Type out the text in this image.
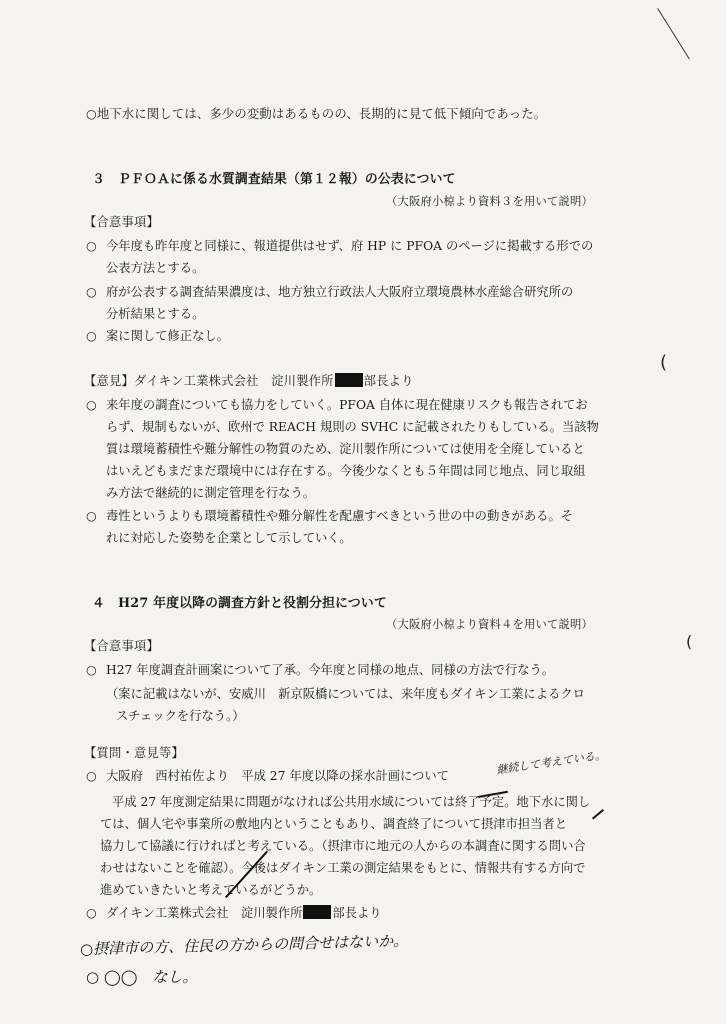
(
(
○地下水に関しては、多少の変動はあるものの、長期的に見て低下傾向であった。
３　ＰＦＯＡに係る水質調査結果（第１２報）の公表について
（大阪府小椋より資料３を用いて説明）
【合意事項】
○ 今年度も昨年度と同様に、報道提供はせず、府 HP に PFOA のページに掲載する形での
公表方法とする。
○ 府が公表する調査結果濃度は、地方独立行政法人大阪府立環境農林水産総合研究所の
分析結果とする。
○ 案に関して修正なし。
【意見】ダイキン工業株式会社　淀川製作所 部長より
○ 来年度の調査についても協力をしていく。PFOA 自体に現在健康リスクも報告されてお
らず、規制もないが、欧州で REACH 規則の SVHC に記載されたりもしている。当該物
質は環境蓄積性や難分解性の物質のため、淀川製作所については使用を全廃していると
はいえどもまだまだ環境中には存在する。今後少なくとも５年間は同じ地点、同じ取組
み方法で継続的に測定管理を行なう。
○ 毒性というよりも環境蓄積性や難分解性を配慮すべきという世の中の動きがある。そ
れに対応した姿勢を企業として示していく。
４　H27 年度以降の調査方針と役割分担について
（大阪府小椋より資料４を用いて説明）
【合意事項】
○ H27 年度調査計画案について了承。今年度と同様の地点、同様の方法で行なう。
（案に記載はないが、安威川　新京阪橋については、来年度もダイキン工業によるクロ
スチェックを行なう。）
【質問・意見等】
○ 大阪府　西村祐佐より　平成 27 年度以降の採水計画について
平成 27 年度測定結果に問題がなければ公共用水域については終了予定。地下水に関し
ては、個人宅や事業所の敷地内ということもあり、調査終了について摂津市担当者と
協力して協議に行ければと考えている。（摂津市に地元の人からの本調査に関する問い合
わせはないことを確認）。今後はダイキン工業の測定結果をもとに、情報共有する方向で
進めていきたいと考えているがどうか。
○ ダイキン工業株式会社　淀川製作所 部長より
継続して考えている。
○摂津市の方、住民の方からの問合せはないか。
○ ◯◯　なし。
